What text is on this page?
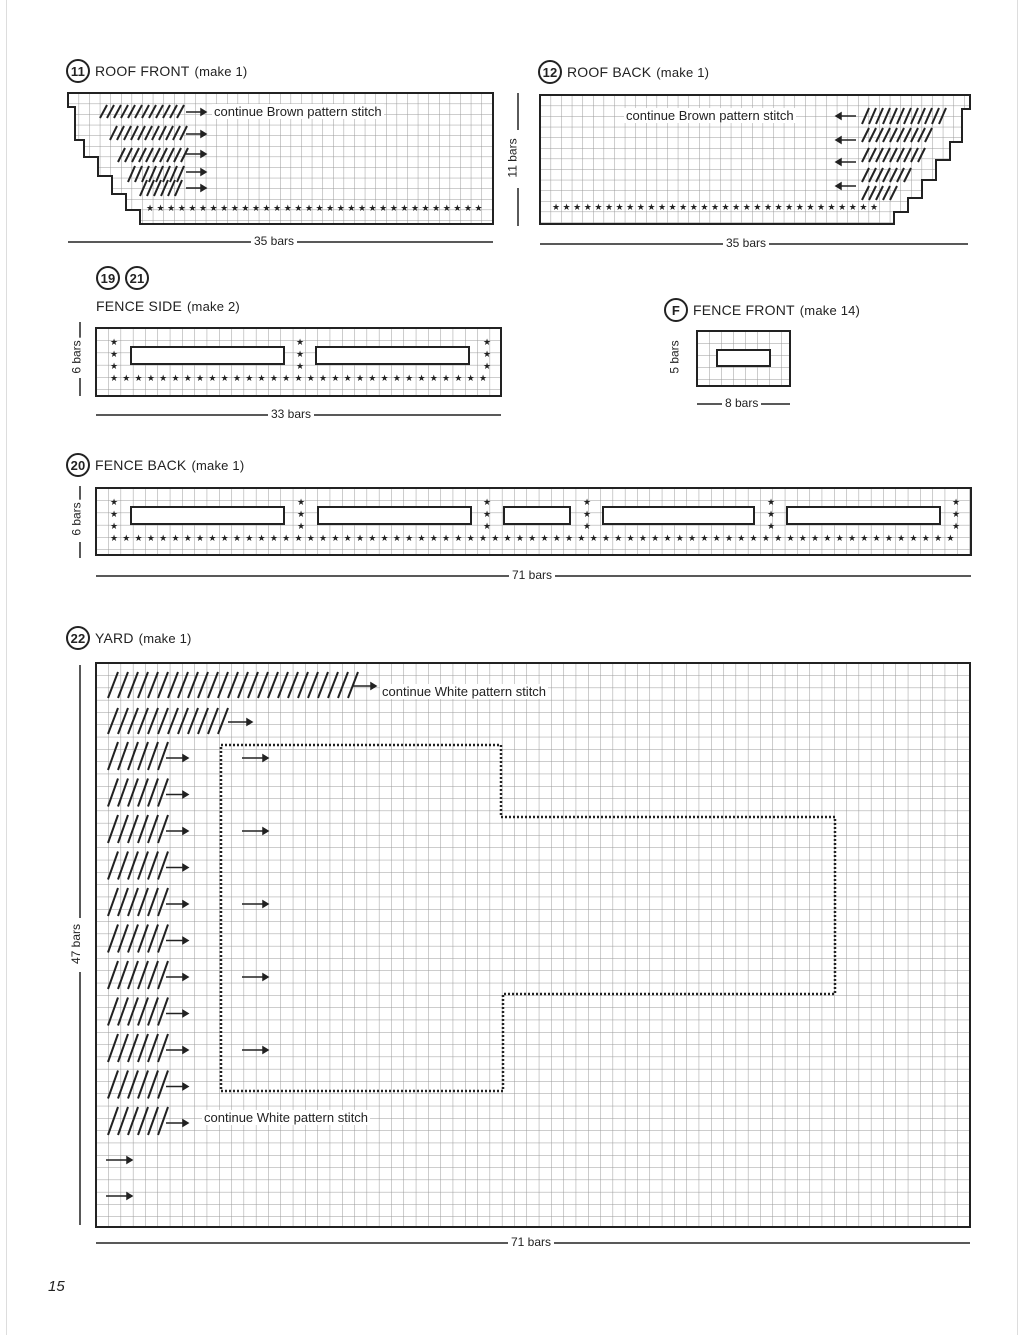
★ ★ ★ ★ ★ ★ ★ ★ ★ ★ ★ ★ ★ ★ ★ ★ ★ ★ ★ ★ ★ ★ ★ ★ ★ ★ ★ ★ ★ ★ ★ ★	★ ★ ★ ★ ★ ★ ★ ★ ★ ★ ★ ★ ★ ★ ★ ★ ★ ★ ★ ★ ★ ★ ★ ★ ★ ★ ★ ★ ★ ★ ★
★ ★ ★ ★ ★ ★ ★ ★ ★ ★ ★ ★ ★ ★ ★ ★ ★ ★ ★ ★ ★ ★ ★ ★ ★ ★ ★ ★ ★ ★ ★
★	★	★
★	★	★
★	★	★
★ ★ ★ ★ ★ ★ ★ ★ ★ ★ ★ ★ ★ ★ ★ ★ ★ ★ ★ ★ ★ ★ ★ ★ ★ ★ ★ ★ ★ ★ ★ ★ ★ ★ ★ ★ ★ ★ ★ ★ ★ ★ ★ ★ ★ ★ ★ ★ ★ ★ ★ ★ ★ ★ ★ ★ ★ ★ ★ ★ ★ ★ ★ ★ ★ ★ ★ ★ ★
★	★	★	★	★	★
★	★	★	★	★	★
★	★	★	★	★	★
11 ROOF FRONT (make 1)
continue Brown pattern stitch
35 bars
12 ROOF BACK (make 1)
continue Brown pattern stitch
35 bars
11 bars
19	21
FENCE SIDE (make 2)
33 bars
6 bars
F FENCE FRONT (make 14)
8 bars
5 bars
20 FENCE BACK (make 1)
71 bars
6 bars
22 YARD (make 1)
continue White pattern stitch
continue White pattern stitch
71 bars
47 bars
15
